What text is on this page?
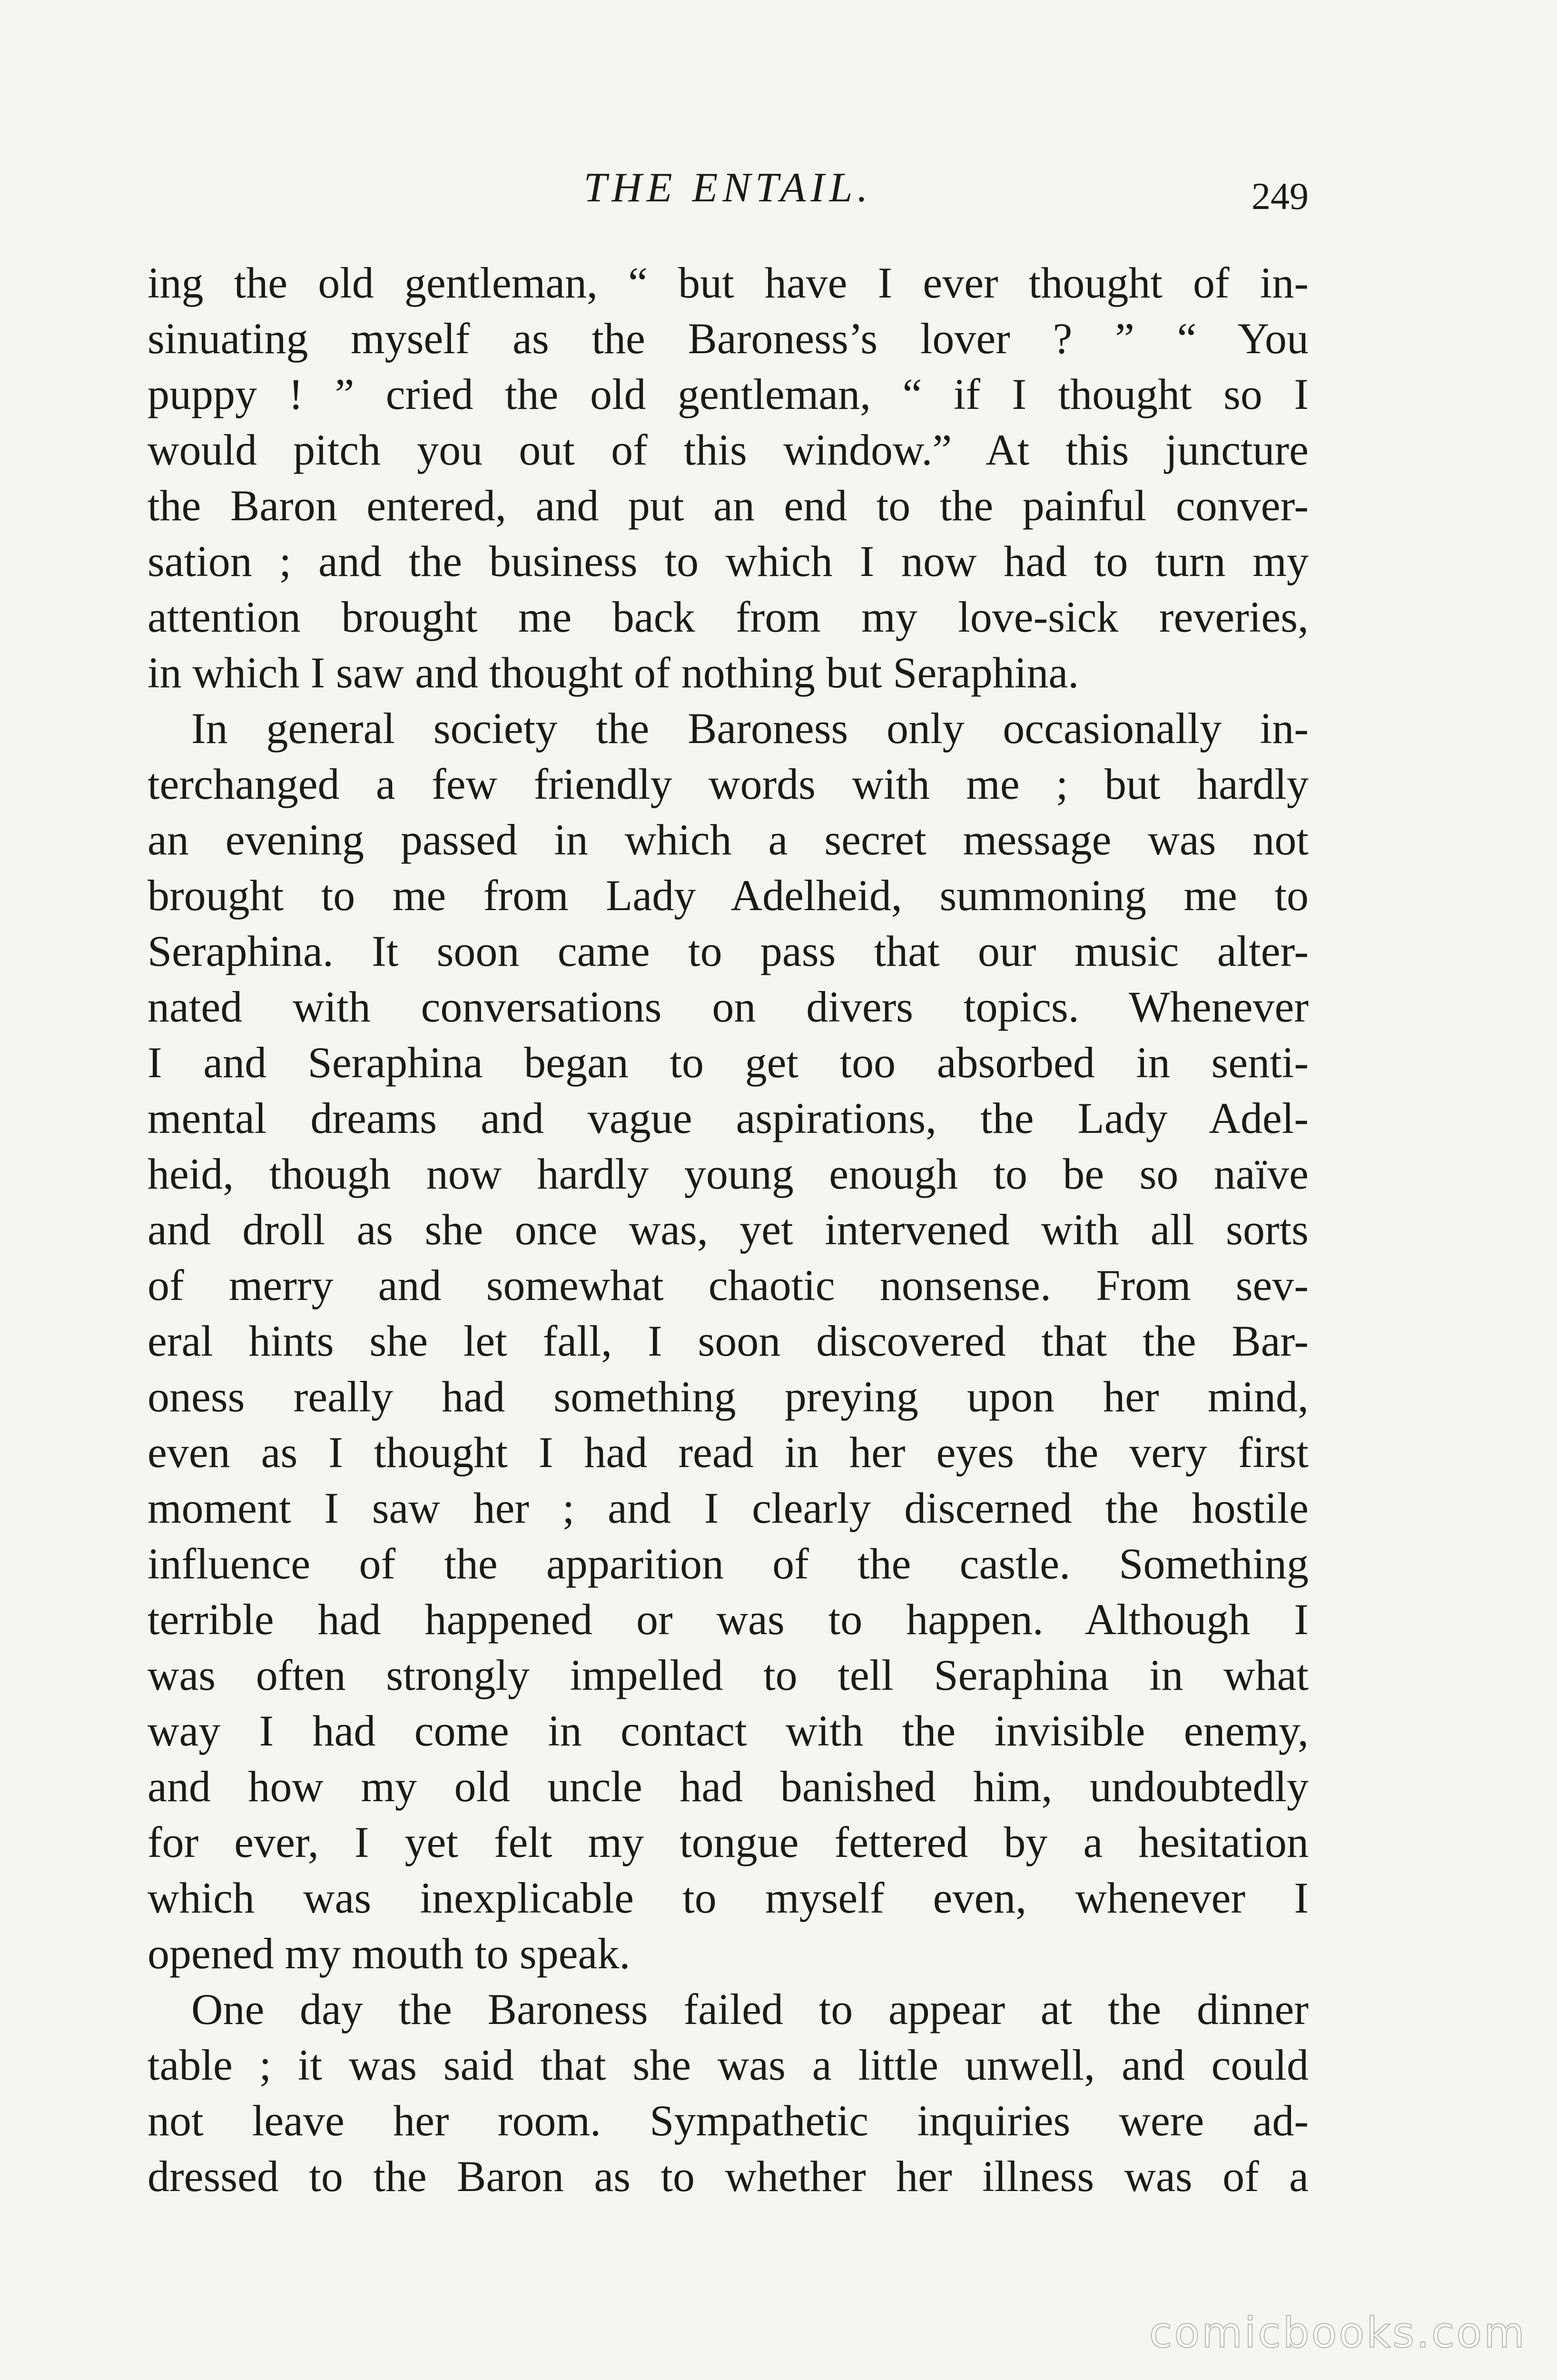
THE ENTAIL.	249
ing the old gentleman, “ but have I ever thought of in-
sinuating myself as the Baroness’s lover ? ” “ You
puppy ! ” cried the old gentleman, “ if I thought so I
would pitch you out of this window.” At this juncture
the Baron entered, and put an end to the painful conver-
sation ; and the business to which I now had to turn my
attention brought me back from my love-sick reveries,
in which I saw and thought of nothing but Seraphina.
In general society the Baroness only occasionally in-
terchanged a few friendly words with me ; but hardly
an evening passed in which a secret message was not
brought to me from Lady Adelheid, summoning me to
Seraphina. It soon came to pass that our music alter-
nated with conversations on divers topics. Whenever
I and Seraphina began to get too absorbed in senti-
mental dreams and vague aspirations, the Lady Adel-
heid, though now hardly young enough to be so naïve
and droll as she once was, yet intervened with all sorts
of merry and somewhat chaotic nonsense. From sev-
eral hints she let fall, I soon discovered that the Bar-
oness really had something preying upon her mind,
even as I thought I had read in her eyes the very first
moment I saw her ; and I clearly discerned the hostile
influence of the apparition of the castle. Something
terrible had happened or was to happen. Although I
was often strongly impelled to tell Seraphina in what
way I had come in contact with the invisible enemy,
and how my old uncle had banished him, undoubtedly
for ever, I yet felt my tongue fettered by a hesitation
which was inexplicable to myself even, whenever I
opened my mouth to speak.
One day the Baroness failed to appear at the dinner
table ; it was said that she was a little unwell, and could
not leave her room. Sympathetic inquiries were ad-
dressed to the Baron as to whether her illness was of a
comicbooks.com
